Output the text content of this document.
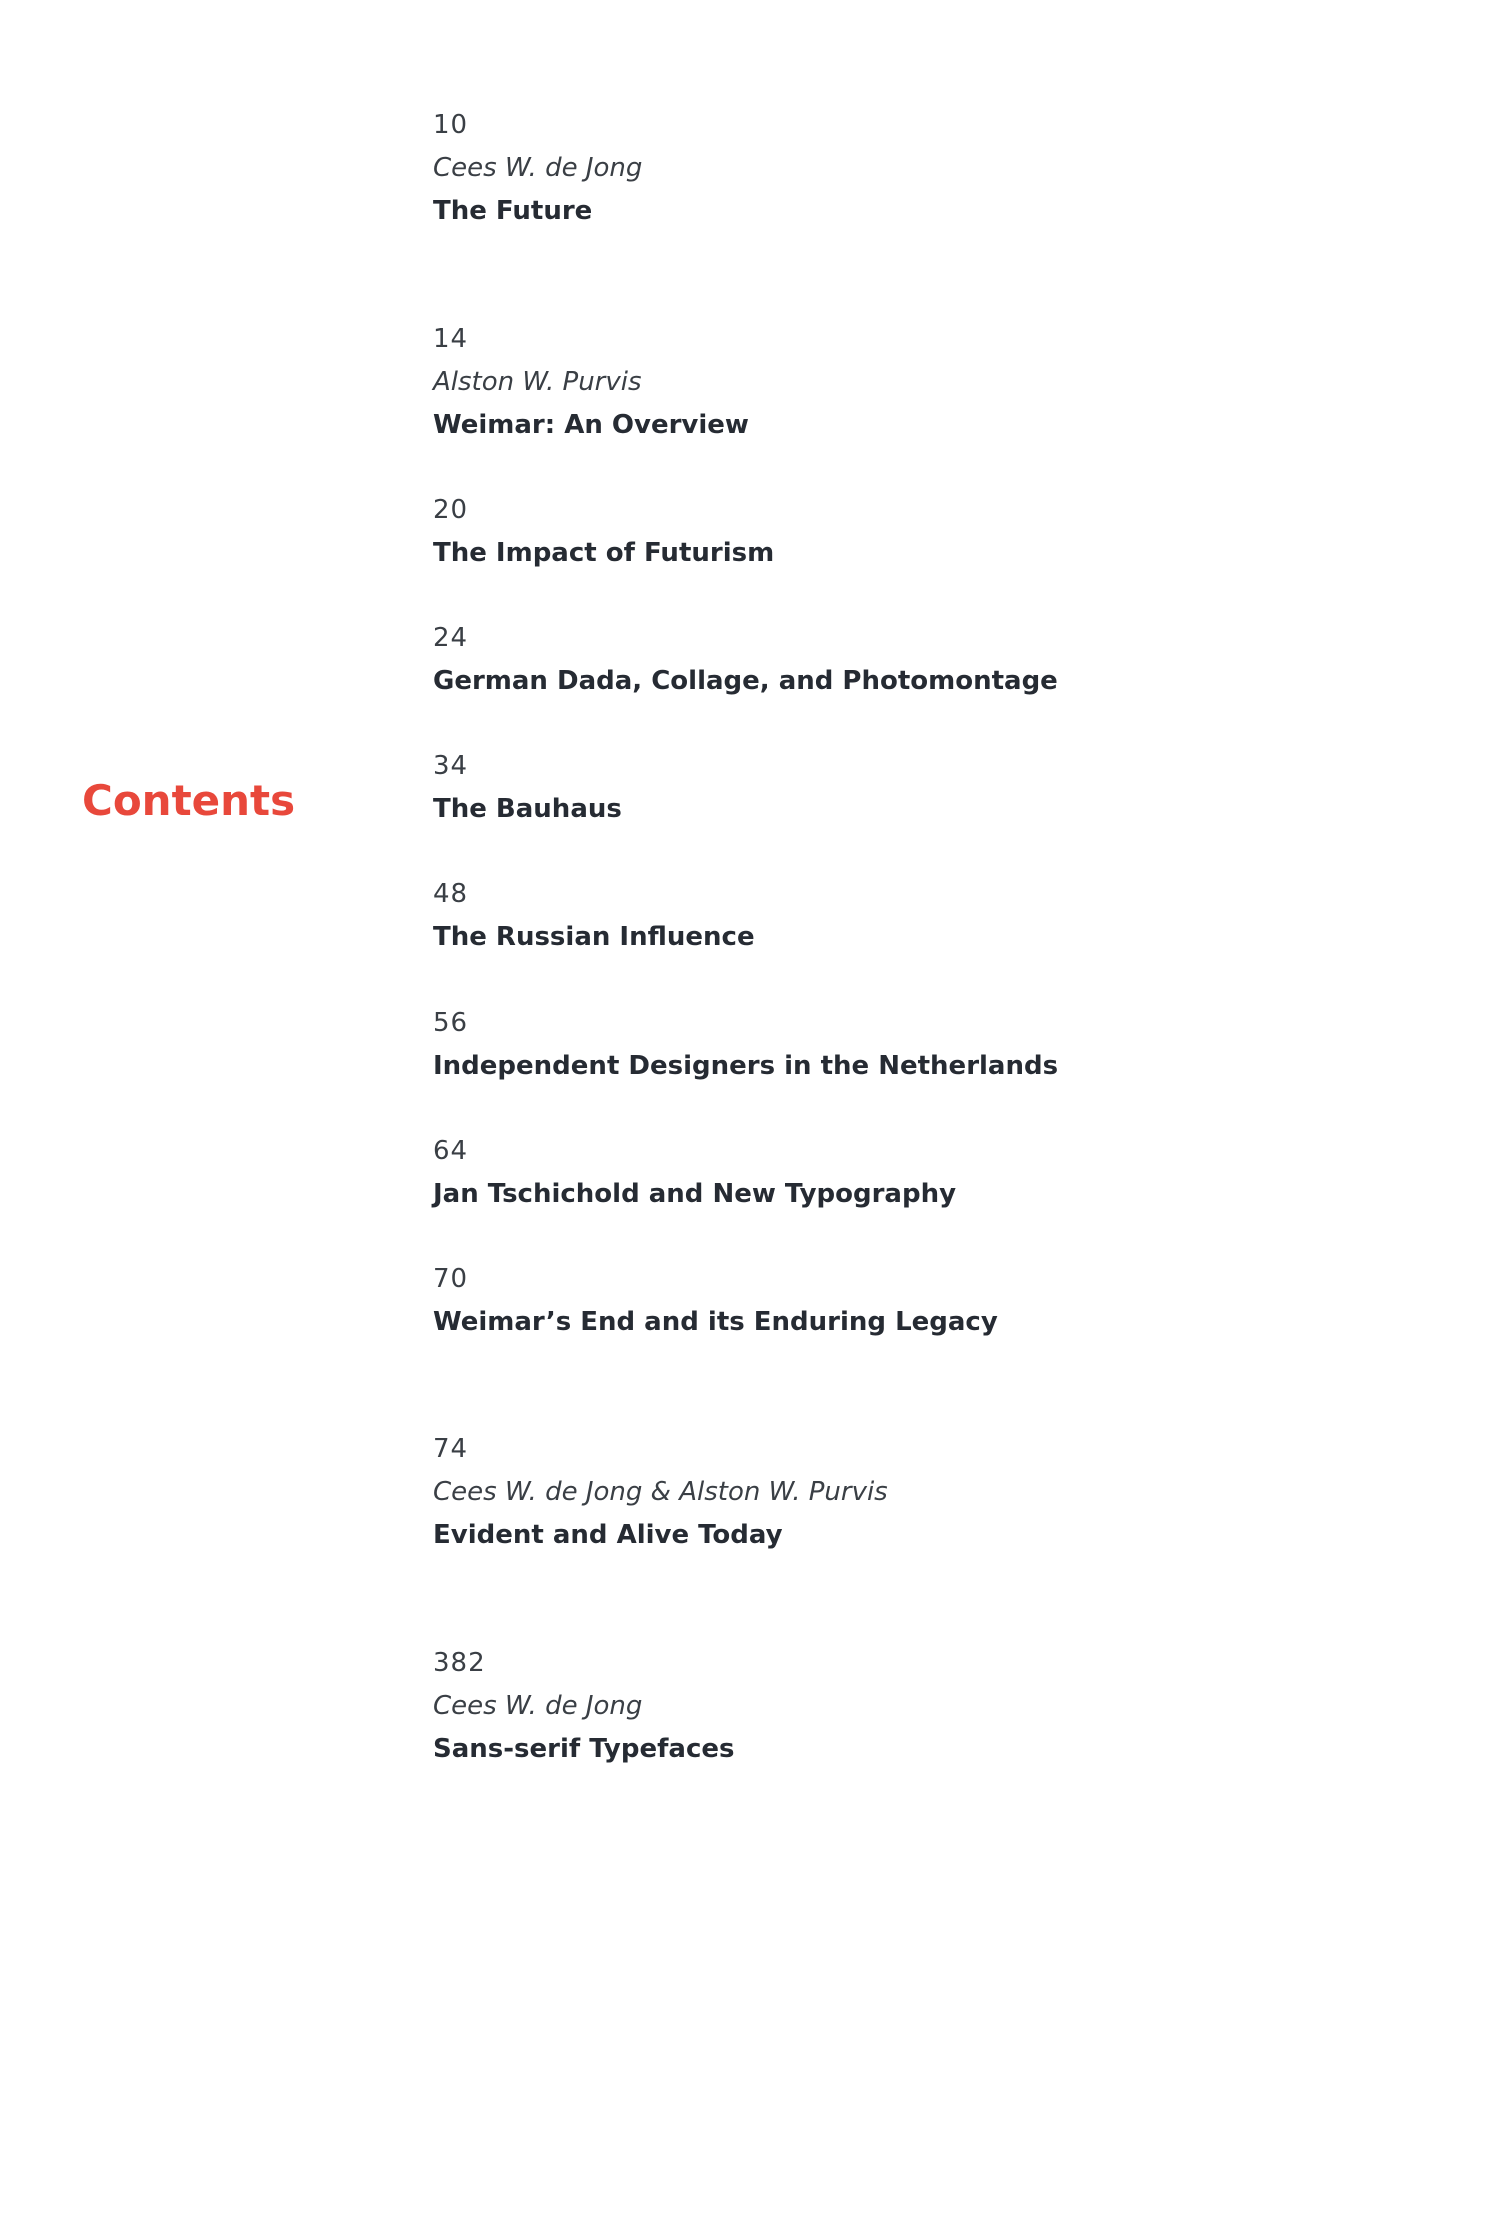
Contents
10
Cees W. de Jong
The Future
14
Alston W. Purvis
Weimar: An Overview
20
The Impact of Futurism
24
German Dada, Collage, and Photomontage
34
The Bauhaus
48
The Russian Influence
56
Independent Designers in the Netherlands
64
Jan Tschichold and New Typography
70
Weimar’s End and its Enduring Legacy
74
Cees W. de Jong & Alston W. Purvis
Evident and Alive Today
382
Cees W. de Jong
Sans-serif Typefaces
